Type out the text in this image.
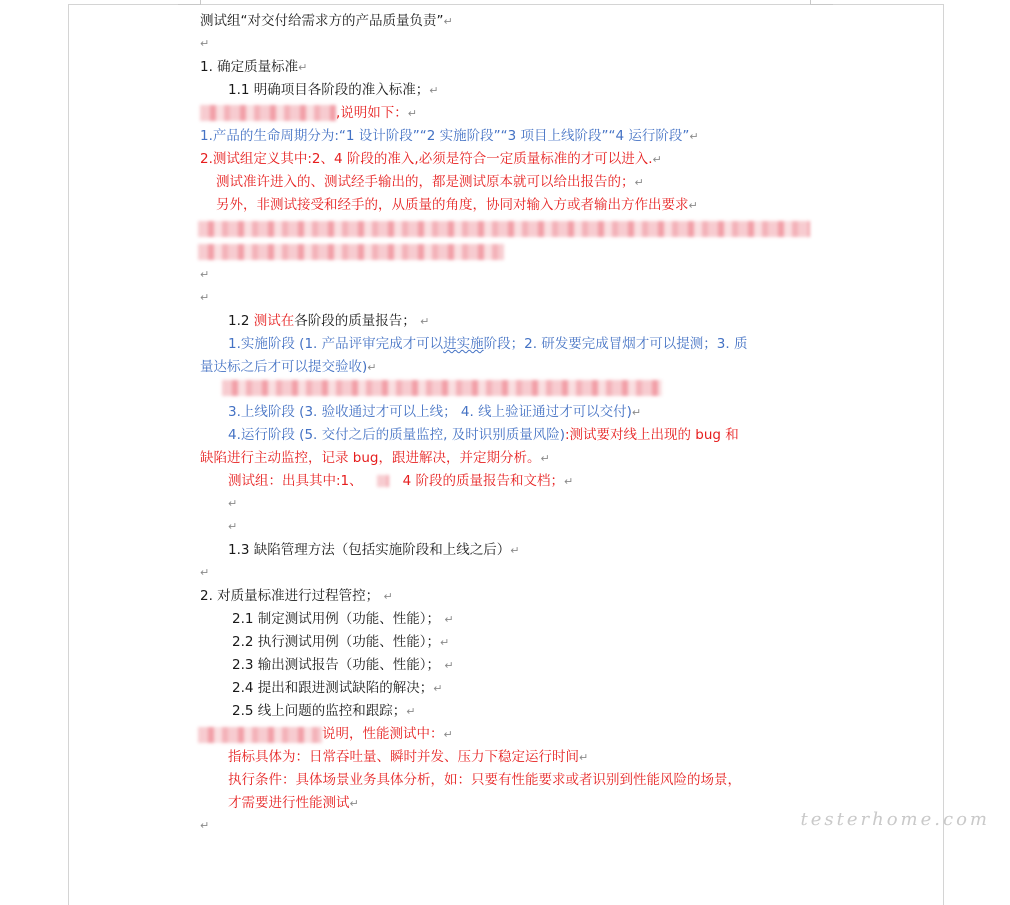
测试组“对交付给需求方的产品质量负责”↵
↵
1. 确定质量标准↵
1.1 明确项目各阶段的准入标准；↵
,说明如下：↵
1.产品的生命周期分为:“1 设计阶段”“2 实施阶段”“3 项目上线阶段”“4 运行阶段”↵
2.测试组定义其中:2、4 阶段的准入,必须是符合一定质量标准的才可以进入.↵
测试准许进入的、测试经手输出的，都是测试原本就可以给出报告的；↵
另外，非测试接受和经手的，从质量的角度，协同对输入方或者输出方作出要求↵
↵
↵
1.2 测试在各阶段的质量报告； ↵
1.实施阶段 (1. 产品评审完成才可以进实施阶段；2. 研发要完成冒烟才可以提测；3. 质
量达标之后才可以提交验收)↵
3.上线阶段 (3. 验收通过才可以上线； 4. 线上验证通过才可以交付)↵
4.运行阶段 (5. 交付之后的质量监控, 及时识别质量风险):测试要对线上出现的 bug 和
缺陷进行主动监控，记录 bug，跟进解决，并定期分析。↵
测试组：出具其中:1、	4 阶段的质量报告和文档；↵
↵
↵
1.3 缺陷管理方法（包括实施阶段和上线之后）↵
↵
2. 对质量标准进行过程管控； ↵
2.1 制定测试用例（功能、性能）； ↵
2.2 执行测试用例（功能、性能）；↵
2.3 输出测试报告（功能、性能）； ↵
2.4 提出和跟进测试缺陷的解决；↵
2.5 线上问题的监控和跟踪；↵
说明，性能测试中：↵
指标具体为：日常吞吐量、瞬时并发、压力下稳定运行时间↵
执行条件：具体场景业务具体分析，如：只要有性能要求或者识别到性能风险的场景，
才需要进行性能测试↵
↵	testerhome.com
